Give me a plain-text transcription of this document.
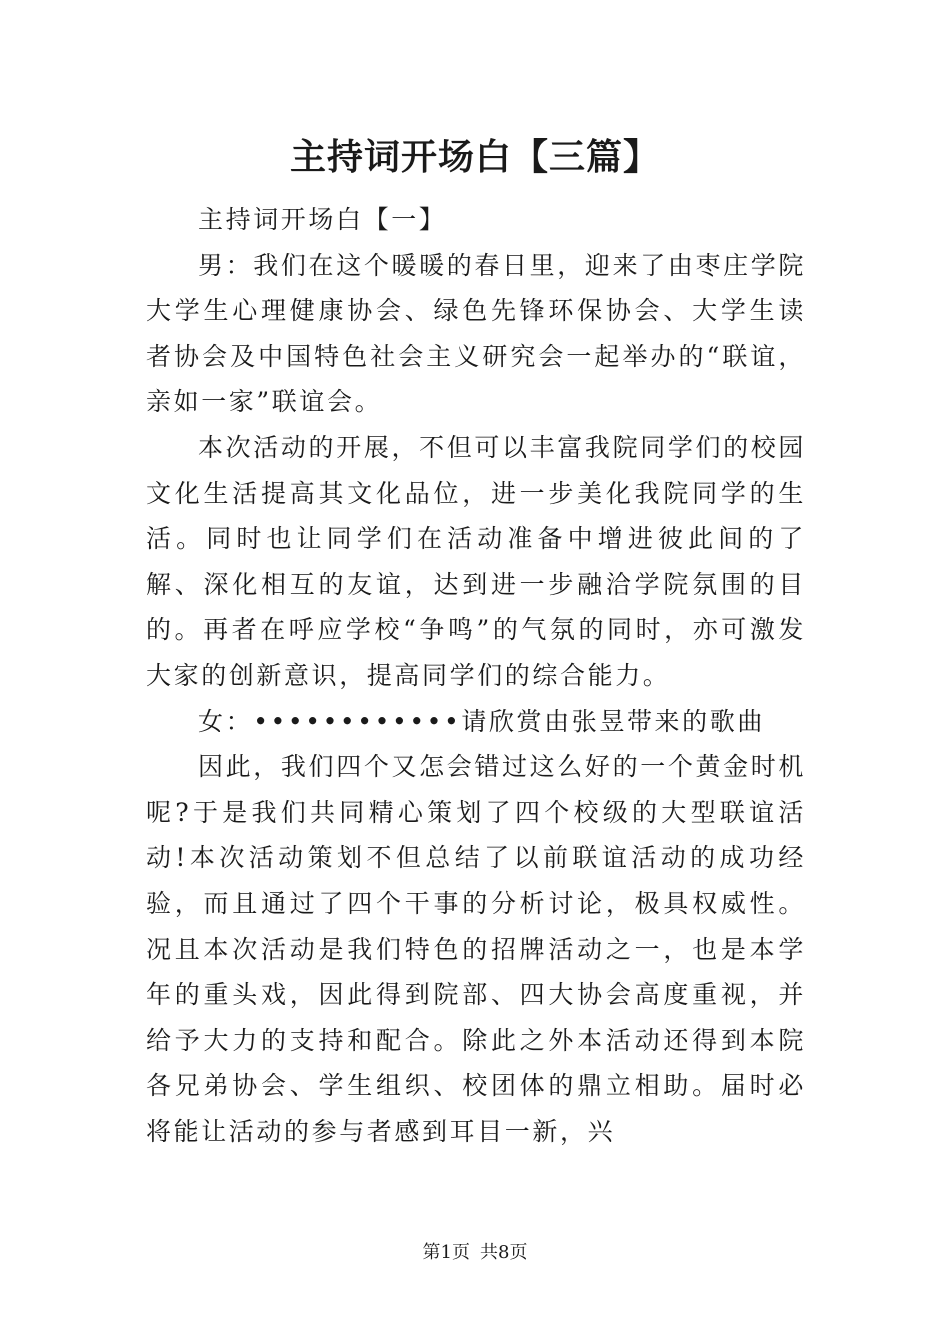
主持词开场白【三篇】

主持词开场白【一】

男：我们在这个暖暖的春日里，迎来了由枣庄学院大学生心理健康协会、绿色先锋环保协会、大学生读者协会及中国特色社会主义研究会一起举办的“联谊，亲如一家”联谊会。

本次活动的开展，不但可以丰富我院同学们的校园文化生活提高其文化品位，进一步美化我院同学的生活。同时也让同学们在活动准备中增进彼此间的了解、深化相互的友谊，达到进一步融洽学院氛围的目的。再者在呼应学校“争鸣”的气氛的同时，亦可激发大家的创新意识，提高同学们的综合能力。

女：••••••••••••请欣赏由张昱带来的歌曲

因此，我们四个又怎会错过这么好的一个黄金时机呢?于是我们共同精心策划了四个校级的大型联谊活动!本次活动策划不但总结了以前联谊活动的成功经验，而且通过了四个干事的分析讨论，极具权威性。况且本次活动是我们特色的招牌活动之一，也是本学年的重头戏，因此得到院部、四大协会高度重视，并给予大力的支持和配合。除此之外本活动还得到本院各兄弟协会、学生组织、校团体的鼎立相助。届时必将能让活动的参与者感到耳目一新，兴

第1页 共8页
